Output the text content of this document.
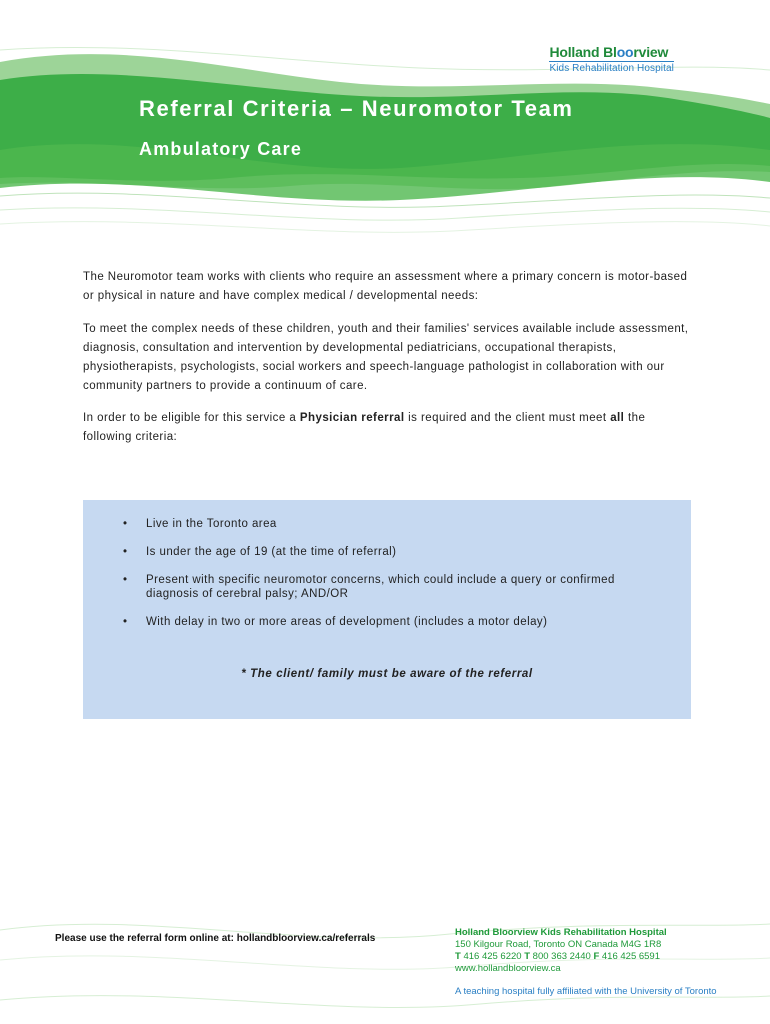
Holland Bloorview
Kids Rehabilitation Hospital
Referral Criteria – Neuromotor Team
Ambulatory Care

The Neuromotor team works with clients who require an assessment where a primary concern is motor-based or physical in nature and have complex medical / developmental needs:

To meet the complex needs of these children, youth and their families' services available include assessment, diagnosis, consultation and intervention by developmental pediatricians, occupational therapists, physiotherapists, psychologists, social workers and speech-language pathologist in collaboration with our community partners to provide a continuum of care.

In order to be eligible for this service a Physician referral is required and the client must meet all the following criteria:

• Live in the Toronto area
• Is under the age of 19 (at the time of referral)
• Present with specific neuromotor concerns, which could include a query or confirmed diagnosis of cerebral palsy; AND/OR
• With delay in two or more areas of development (includes a motor delay)
* The client/ family must be aware of the referral
Please use the referral form online at: hollandbloorview.ca/referrals
Holland Bloorview Kids Rehabilitation Hospital
150 Kilgour Road, Toronto ON Canada M4G 1R8
T 416 425 6220 T 800 363 2440 F 416 425 6591
www.hollandbloorview.ca
A teaching hospital fully affiliated with the University of Toronto
